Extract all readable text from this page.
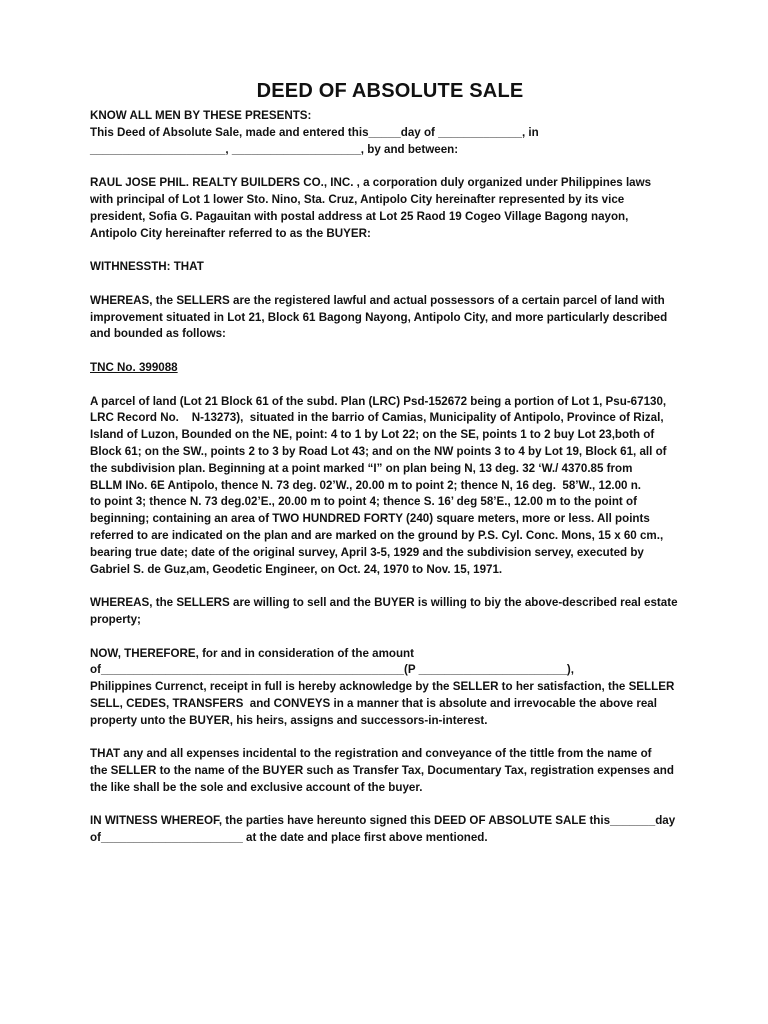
DEED OF ABSOLUTE SALE

KNOW ALL MEN BY THESE PRESENTS:

This Deed of Absolute Sale, made and entered this_____day of _____________, in
_____________________, ____________________, by and between:

RAUL JOSE PHIL. REALTY BUILDERS CO., INC. , a corporation duly organized under Philippines laws
with principal of Lot 1 lower Sto. Nino, Sta. Cruz, Antipolo City hereinafter represented by its vice
president, Sofia G. Pagauitan with postal address at Lot 25 Raod 19 Cogeo Village Bagong nayon,
Antipolo City hereinafter referred to as the BUYER:

WITHNESSTH: THAT

WHEREAS, the SELLERS are the registered lawful and actual possessors of a certain parcel of land with
improvement situated in Lot 21, Block 61 Bagong Nayong, Antipolo City, and more particularly described
and bounded as follows:

TNC No. 399088

A parcel of land (Lot 21 Block 61 of the subd. Plan (LRC) Psd-152672 being a portion of Lot 1, Psu-67130,
LRC Record No.    N-13273),  situated in the barrio of Camias, Municipality of Antipolo, Province of Rizal,
Island of Luzon, Bounded on the NE, point: 4 to 1 by Lot 22; on the SE, points 1 to 2 buy Lot 23,both of
Block 61; on the SW., points 2 to 3 by Road Lot 43; and on the NW points 3 to 4 by Lot 19, Block 61, all of
the subdivision plan. Beginning at a point marked “I” on plan being N, 13 deg. 32 ‘W./ 4370.85 from
BLLM INo. 6E Antipolo, thence N. 73 deg. 02’W., 20.00 m to point 2; thence N, 16 deg.  58’W., 12.00 n.
to point 3; thence N. 73 deg.02’E., 20.00 m to point 4; thence S. 16’ deg 58’E., 12.00 m to the point of
beginning; containing an area of TWO HUNDRED FORTY (240) square meters, more or less. All points
referred to are indicated on the plan and are marked on the ground by P.S. Cyl. Conc. Mons, 15 x 60 cm.,
bearing true date; date of the original survey, April 3-5, 1929 and the subdivision servey, executed by
Gabriel S. de Guz,am, Geodetic Engineer, on Oct. 24, 1970 to Nov. 15, 1971.

WHEREAS, the SELLERS are willing to sell and the BUYER is willing to biy the above-described real estate
property;

NOW, THEREFORE, for and in consideration of the amount
of_______________________________________________(P _______________________),
Philippines Currenct, receipt in full is hereby acknowledge by the SELLER to her satisfaction, the SELLER
SELL, CEDES, TRANSFERS  and CONVEYS in a manner that is absolute and irrevocable the above real
property unto the BUYER, his heirs, assigns and successors-in-interest.

THAT any and all expenses incidental to the registration and conveyance of the tittle from the name of
the SELLER to the name of the BUYER such as Transfer Tax, Documentary Tax, registration expenses and
the like shall be the sole and exclusive account of the buyer.

IN WITNESS WHEREOF, the parties have hereunto signed this DEED OF ABSOLUTE SALE this_______day
of______________________ at the date and place first above mentioned.
